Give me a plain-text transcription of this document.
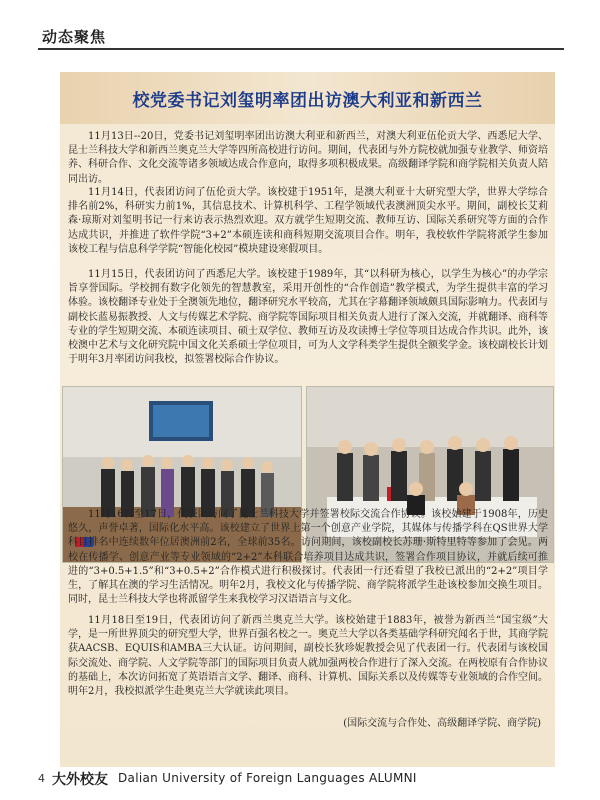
动态聚焦
校党委书记刘玺明率团出访澳大利亚和新西兰

11月13日--20日，党委书记刘玺明率团出访澳大利亚和新西兰，对澳大利亚伍伦贡大学、西悉尼大学、昆士兰科技大学和新西兰奥克兰大学等四所高校进行访问。期间，代表团与外方院校就加强专业教学、师资培养、科研合作、文化交流等诸多领域达成合作意向，取得多项积极成果。高级翻译学院和商学院相关负责人陪同出访。

11月14日，代表团访问了伍伦贡大学。该校建于1951年，是澳大利亚十大研究型大学，世界大学综合排名前2%，科研实力前1%，其信息技术、计算机科学、工程学领域代表澳洲顶尖水平。期间，副校长艾莉森·琼斯对刘玺明书记一行来访表示热烈欢迎。双方就学生短期交流、教师互访、国际关系研究等方面的合作达成共识，并推进了软件学院“3+2”本硕连读和商科短期交流项目合作。明年，我校软件学院将派学生参加该校工程与信息科学学院“智能化校园”模块建设寒假项目。

11月15日，代表团访问了西悉尼大学。该校建于1989年，其“以科研为核心，以学生为核心”的办学宗旨享誉国际。学校拥有数字化领先的智慧教室，采用开创性的“合作创造”教学模式，为学生提供丰富的学习体验。该校翻译专业处于全澳领先地位，翻译研究水平较高，尤其在字幕翻译领域颇具国际影响力。代表团与副校长蓝易振教授、人文与传媒艺术学院、商学院等国际项目相关负责人进行了深入交流，并就翻译、商科等专业的学生短期交流、本硕连读项目、硕士双学位、教师互访及攻读博士学位等项目达成合作共识。此外，该校澳中艺术与文化研究院中国文化关系硕士学位项目，可为人文学科类学生提供全额奖学金。该校副校长计划于明年3月率团访问我校，拟签署校际合作协议。

11月16日至17日，代表团访问了昆士兰科技大学并签署校际交流合作协议。该校始建于1908年，历史悠久，声誉卓著，国际化水平高。该校建立了世界上第一个创意产业学院，其媒体与传播学科在QS世界大学科目排名中连续数年位居澳洲前2名，全球前35名。访问期间，该校副校长苏珊·斯特里特等参加了会见。两校在传播学、创意产业等专业领域的“2+2”本科联合培养项目达成共识，签署合作项目协议，并就后续可推进的“3+0.5+1.5”和“3+0.5+2”合作模式进行积极探讨。代表团一行还看望了我校已派出的“2+2”项目学生，了解其在澳的学习生活情况。明年2月，我校文化与传播学院、商学院将派学生赴该校参加交换生项目。同时，昆士兰科技大学也将派留学生来我校学习汉语语言与文化。

11月18日至19日，代表团访问了新西兰奥克兰大学。该校始建于1883年，被誉为新西兰“国宝级”大学，是一所世界顶尖的研究型大学，世界百强名校之一。奥克兰大学以各类基础学科研究闻名于世，其商学院获AACSB、EQUIS和AMBA三大认证。访问期间，副校长狄珍妮教授会见了代表团一行。代表团与该校国际交流处、商学院、人文学院等部门的国际项目负责人就加强两校合作进行了深入交流。在两校原有合作协议的基础上，本次访问拓宽了英语语言文学、翻译、商科、计算机、国际关系以及传媒等专业领域的合作空间。明年2月，我校拟派学生赴奥克兰大学就读此项目。

(国际交流与合作处、高级翻译学院、商学院)

4 大外校友 Dalian University of Foreign Languages ALUMNI
